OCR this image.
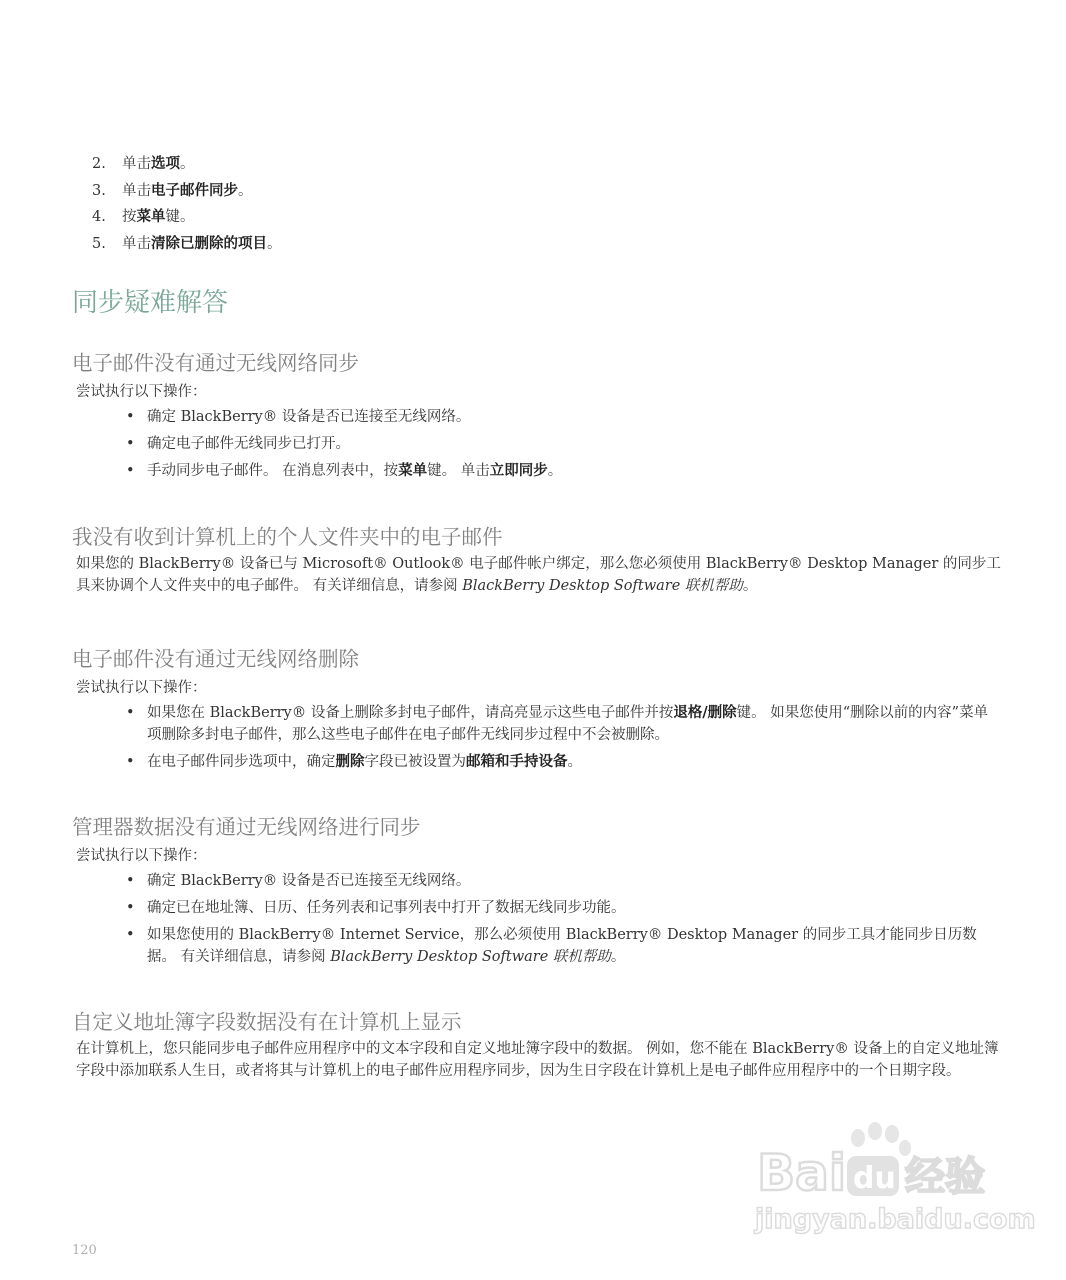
2. 单击选项。
3. 单击电子邮件同步。
4. 按菜单键。
5. 单击清除已删除的项目。
同步疑难解答
电子邮件没有通过无线网络同步

尝试执行以下操作：

• 确定 BlackBerry® 设备是否已连接至无线网络。
• 确定电子邮件无线同步已打开。
• 手动同步电子邮件。 在消息列表中，按菜单键。 单击立即同步。
我没有收到计算机上的个人文件夹中的电子邮件

如果您的 BlackBerry® 设备已与 Microsoft® Outlook® 电子邮件帐户绑定，那么您必须使用 BlackBerry® Desktop Manager 的同步工具来协调个人文件夹中的电子邮件。 有关详细信息，请参阅 BlackBerry Desktop Software 联机帮助。

电子邮件没有通过无线网络删除

尝试执行以下操作：

• 如果您在 BlackBerry® 设备上删除多封电子邮件，请高亮显示这些电子邮件并按退格/删除键。 如果您使用“删除以前的内容”菜单项删除多封电子邮件，那么这些电子邮件在电子邮件无线同步过程中不会被删除。
• 在电子邮件同步选项中，确定删除字段已被设置为邮箱和手持设备。
管理器数据没有通过无线网络进行同步

尝试执行以下操作：

• 确定 BlackBerry® 设备是否已连接至无线网络。
• 确定已在地址簿、日历、任务列表和记事列表中打开了数据无线同步功能。
• 如果您使用的 BlackBerry® Internet Service，那么必须使用 BlackBerry® Desktop Manager 的同步工具才能同步日历数据。 有关详细信息，请参阅 BlackBerry Desktop Software 联机帮助。
自定义地址簿字段数据没有在计算机上显示

在计算机上，您只能同步电子邮件应用程序中的文本字段和自定义地址簿字段中的数据。 例如，您不能在 BlackBerry® 设备上的自定义地址簿字段中添加联系人生日，或者将其与计算机上的电子邮件应用程序同步，因为生日字段在计算机上是电子邮件应用程序中的一个日期字段。

Bai du 经验
jingyan.baidu.com

120
